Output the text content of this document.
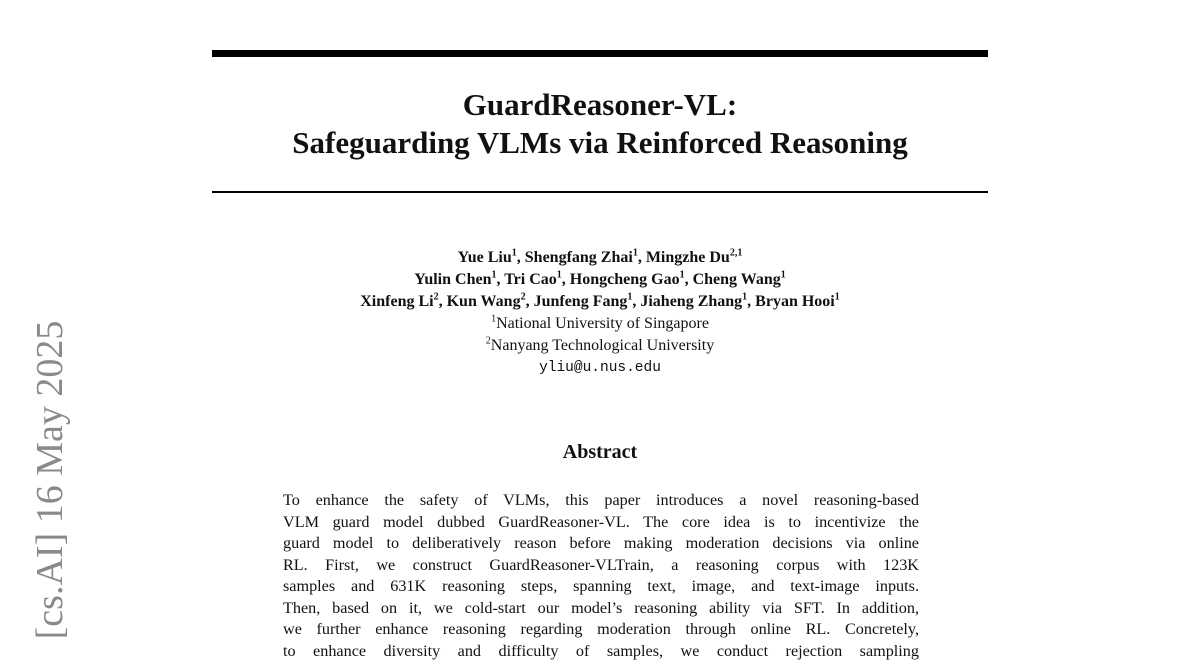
[cs.AI] 16 May 2025
GuardReasoner-VL:
Safeguarding VLMs via Reinforced Reasoning
Yue Liu$^1$, Shengfang Zhai$^1$, Mingzhe Du$^{2,1}$
Yulin Chen$^1$, Tri Cao$^1$, Hongcheng Gao$^1$, Cheng Wang$^1$
Xinfeng Li$^2$, Kun Wang$^2$, Junfeng Fang$^1$, Jiaheng Zhang$^1$, Bryan Hooi$^1$
$^1$National University of Singapore
$^2$Nanyang Technological University
yliu@u.nus.edu
Abstract
To enhance the safety of VLMs, this paper introduces a novel reasoning-based
VLM guard model dubbed GuardReasoner-VL. The core idea is to incentivize the
guard model to deliberatively reason before making moderation decisions via online
RL. First, we construct GuardReasoner-VLTrain, a reasoning corpus with 123K
samples and 631K reasoning steps, spanning text, image, and text-image inputs.
Then, based on it, we cold-start our model’s reasoning ability via SFT. In addition,
we further enhance reasoning regarding moderation through online RL. Concretely,
to enhance diversity and difficulty of samples, we conduct rejection sampling
